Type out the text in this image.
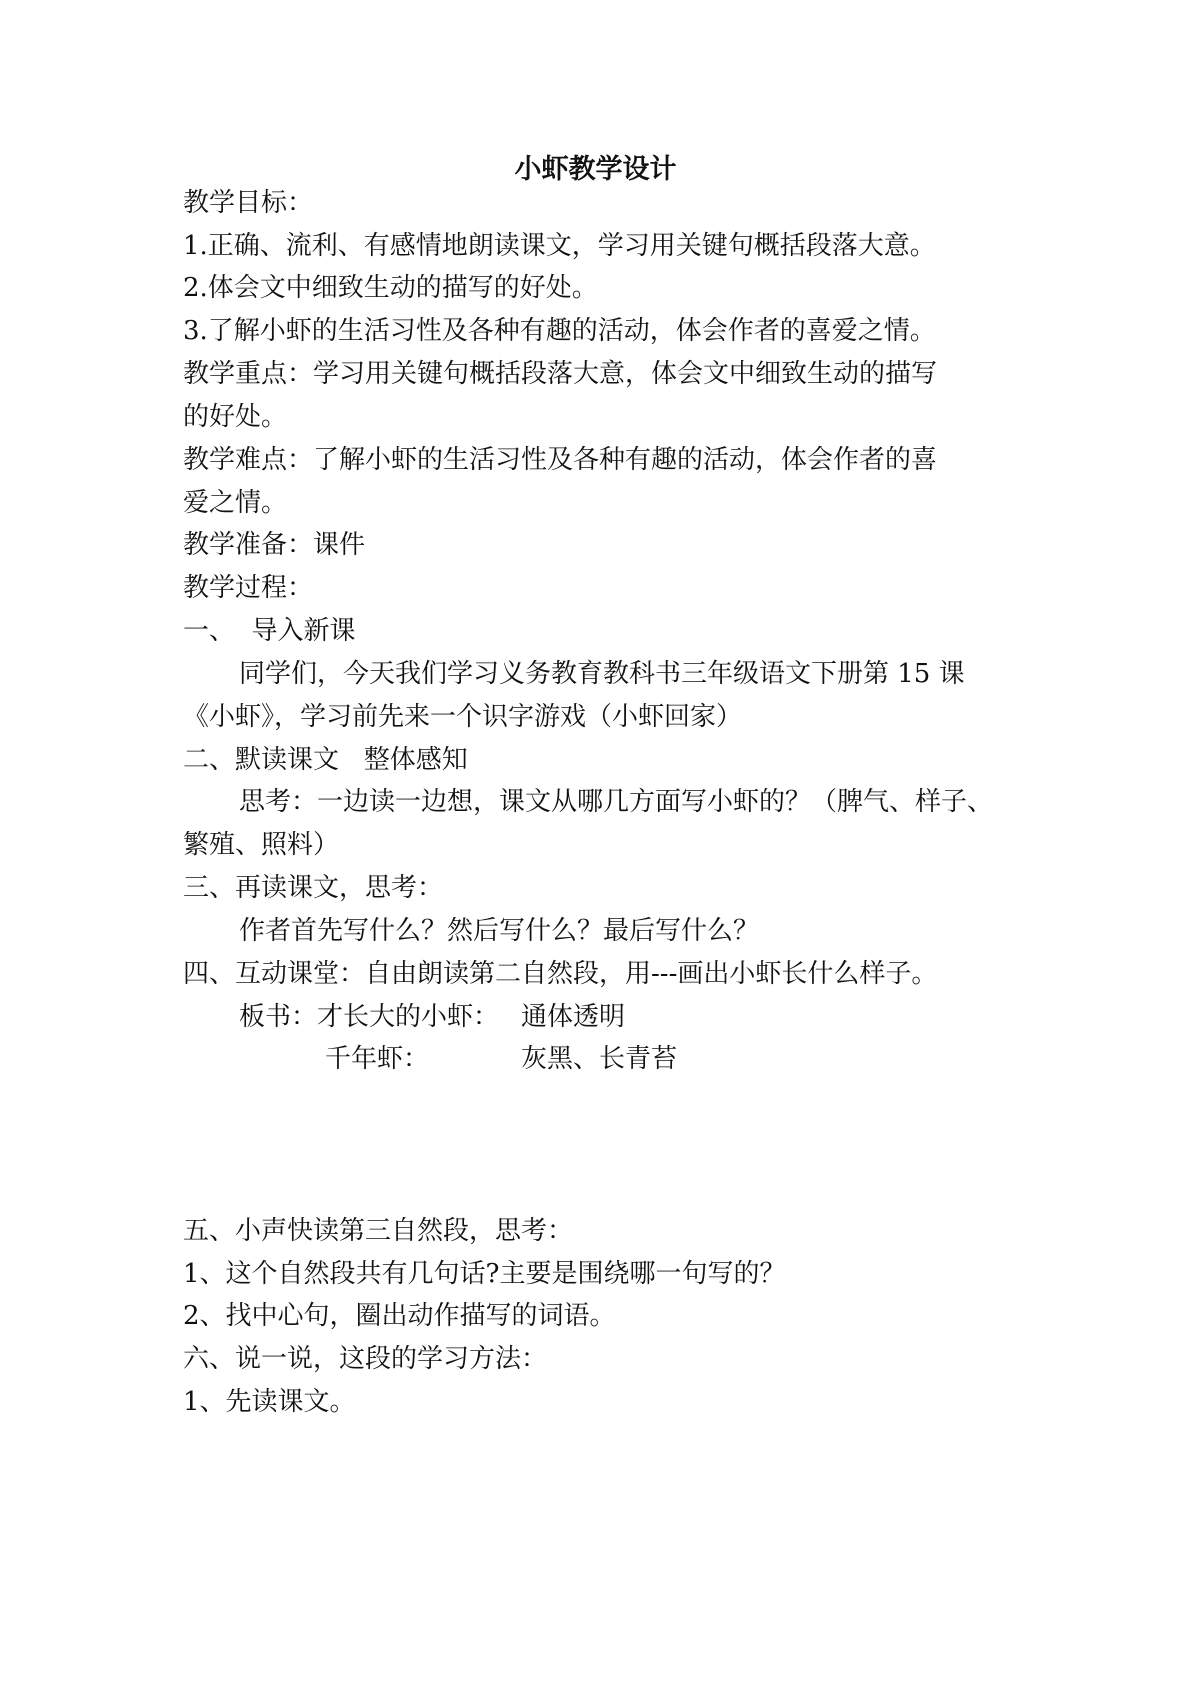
小虾教学设计
教学目标：
1.正确、流利、有感情地朗读课文，学习用关键句概括段落大意。
2.体会文中细致生动的描写的好处。
3.了解小虾的生活习性及各种有趣的活动，体会作者的喜爱之情。
教学重点：学习用关键句概括段落大意，体会文中细致生动的描写
的好处。
教学难点：了解小虾的生活习性及各种有趣的活动，体会作者的喜
爱之情。
教学准备：课件
教学过程：
一、  导入新课
同学们，今天我们学习义务教育教科书三年级语文下册第 15 课
《小虾》，学习前先来一个识字游戏（小虾回家）
二、默读课文   整体感知
思考：一边读一边想，课文从哪几方面写小虾的？（脾气、样子、
繁殖、照料）
三、再读课文，思考：
作者首先写什么？然后写什么？最后写什么？
四、互动课堂：自由朗读第二自然段，用---画出小虾长什么样子。
板书：才长大的小虾： 通体透明
千年虾：	灰黑、长青苔
五、小声快读第三自然段，思考：
1、这个自然段共有几句话?主要是围绕哪一句写的？
2、找中心句，圈出动作描写的词语。
六、说一说，这段的学习方法：
1、先读课文。
